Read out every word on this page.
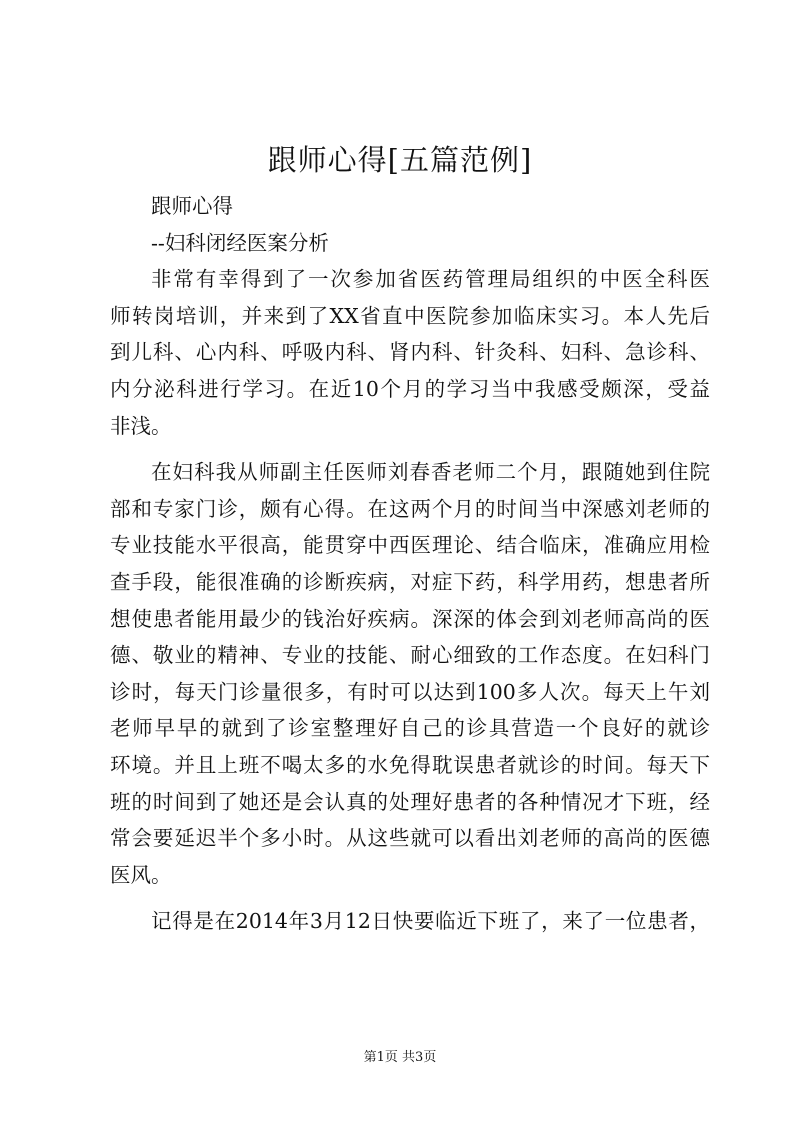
跟师心得[五篇范例]
跟师心得
--妇科闭经医案分析
非常有幸得到了一次参加省医药管理局组织的中医全科医
师转岗培训，并来到了XX省直中医院参加临床实习。本人先后
到儿科、心内科、呼吸内科、肾内科、针灸科、妇科、急诊科、
内分泌科进行学习。在近10个月的学习当中我感受颇深，受益
非浅。
在妇科我从师副主任医师刘春香老师二个月，跟随她到住院
部和专家门诊，颇有心得。在这两个月的时间当中深感刘老师的
专业技能水平很高，能贯穿中西医理论、结合临床，准确应用检
查手段，能很准确的诊断疾病，对症下药，科学用药，想患者所
想使患者能用最少的钱治好疾病。深深的体会到刘老师高尚的医
德、敬业的精神、专业的技能、耐心细致的工作态度。在妇科门
诊时，每天门诊量很多，有时可以达到100多人次。每天上午刘
老师早早的就到了诊室整理好自己的诊具营造一个良好的就诊
环境。并且上班不喝太多的水免得耽误患者就诊的时间。每天下
班的时间到了她还是会认真的处理好患者的各种情况才下班，经
常会要延迟半个多小时。从这些就可以看出刘老师的高尚的医德
医风。
记得是在2014年3月12日快要临近下班了，来了一位患者，
第1页 共3页
